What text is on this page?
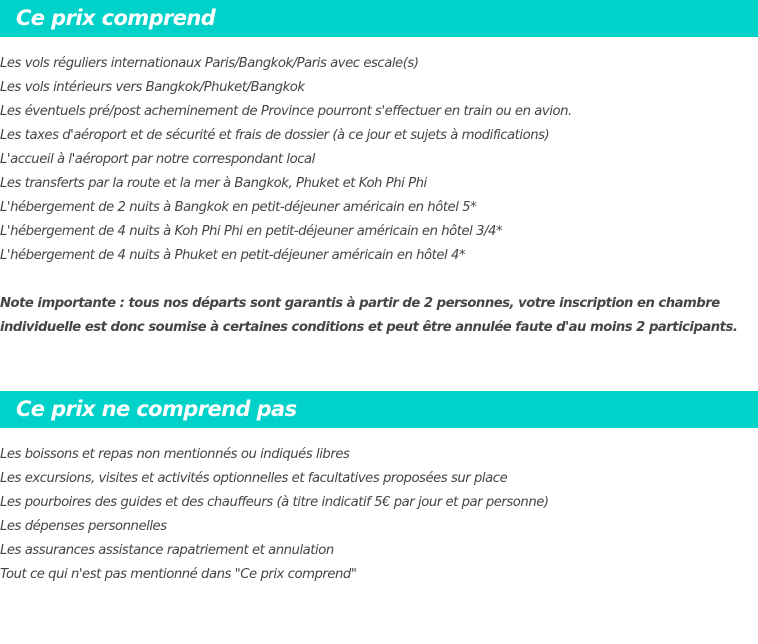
Ce prix comprend
Les vols réguliers internationaux Paris/Bangkok/Paris avec escale(s)
Les vols intérieurs vers Bangkok/Phuket/Bangkok
Les éventuels pré/post acheminement de Province pourront s'effectuer en train ou en avion.
Les taxes d'aéroport et de sécurité et frais de dossier (à ce jour et sujets à modifications)
L'accueil à l'aéroport par notre correspondant local
Les transferts par la route et la mer à Bangkok, Phuket et Koh Phi Phi
L'hébergement de 2 nuits à Bangkok en petit-déjeuner américain en hôtel 5*
L'hébergement de 4 nuits à Koh Phi Phi en petit-déjeuner américain en hôtel 3/4*
L'hébergement de 4 nuits à Phuket en petit-déjeuner américain en hôtel 4*

Note importante : tous nos départs sont garantis à partir de 2 personnes, votre inscription en chambre
individuelle est donc soumise à certaines conditions et peut être annulée faute d'au moins 2 participants.

Ce prix ne comprend pas
Les boissons et repas non mentionnés ou indiqués libres
Les excursions, visites et activités optionnelles et facultatives proposées sur place
Les pourboires des guides et des chauffeurs (à titre indicatif 5€ par jour et par personne)
Les dépenses personnelles
Les assurances assistance rapatriement et annulation
Tout ce qui n'est pas mentionné dans "Ce prix comprend"
